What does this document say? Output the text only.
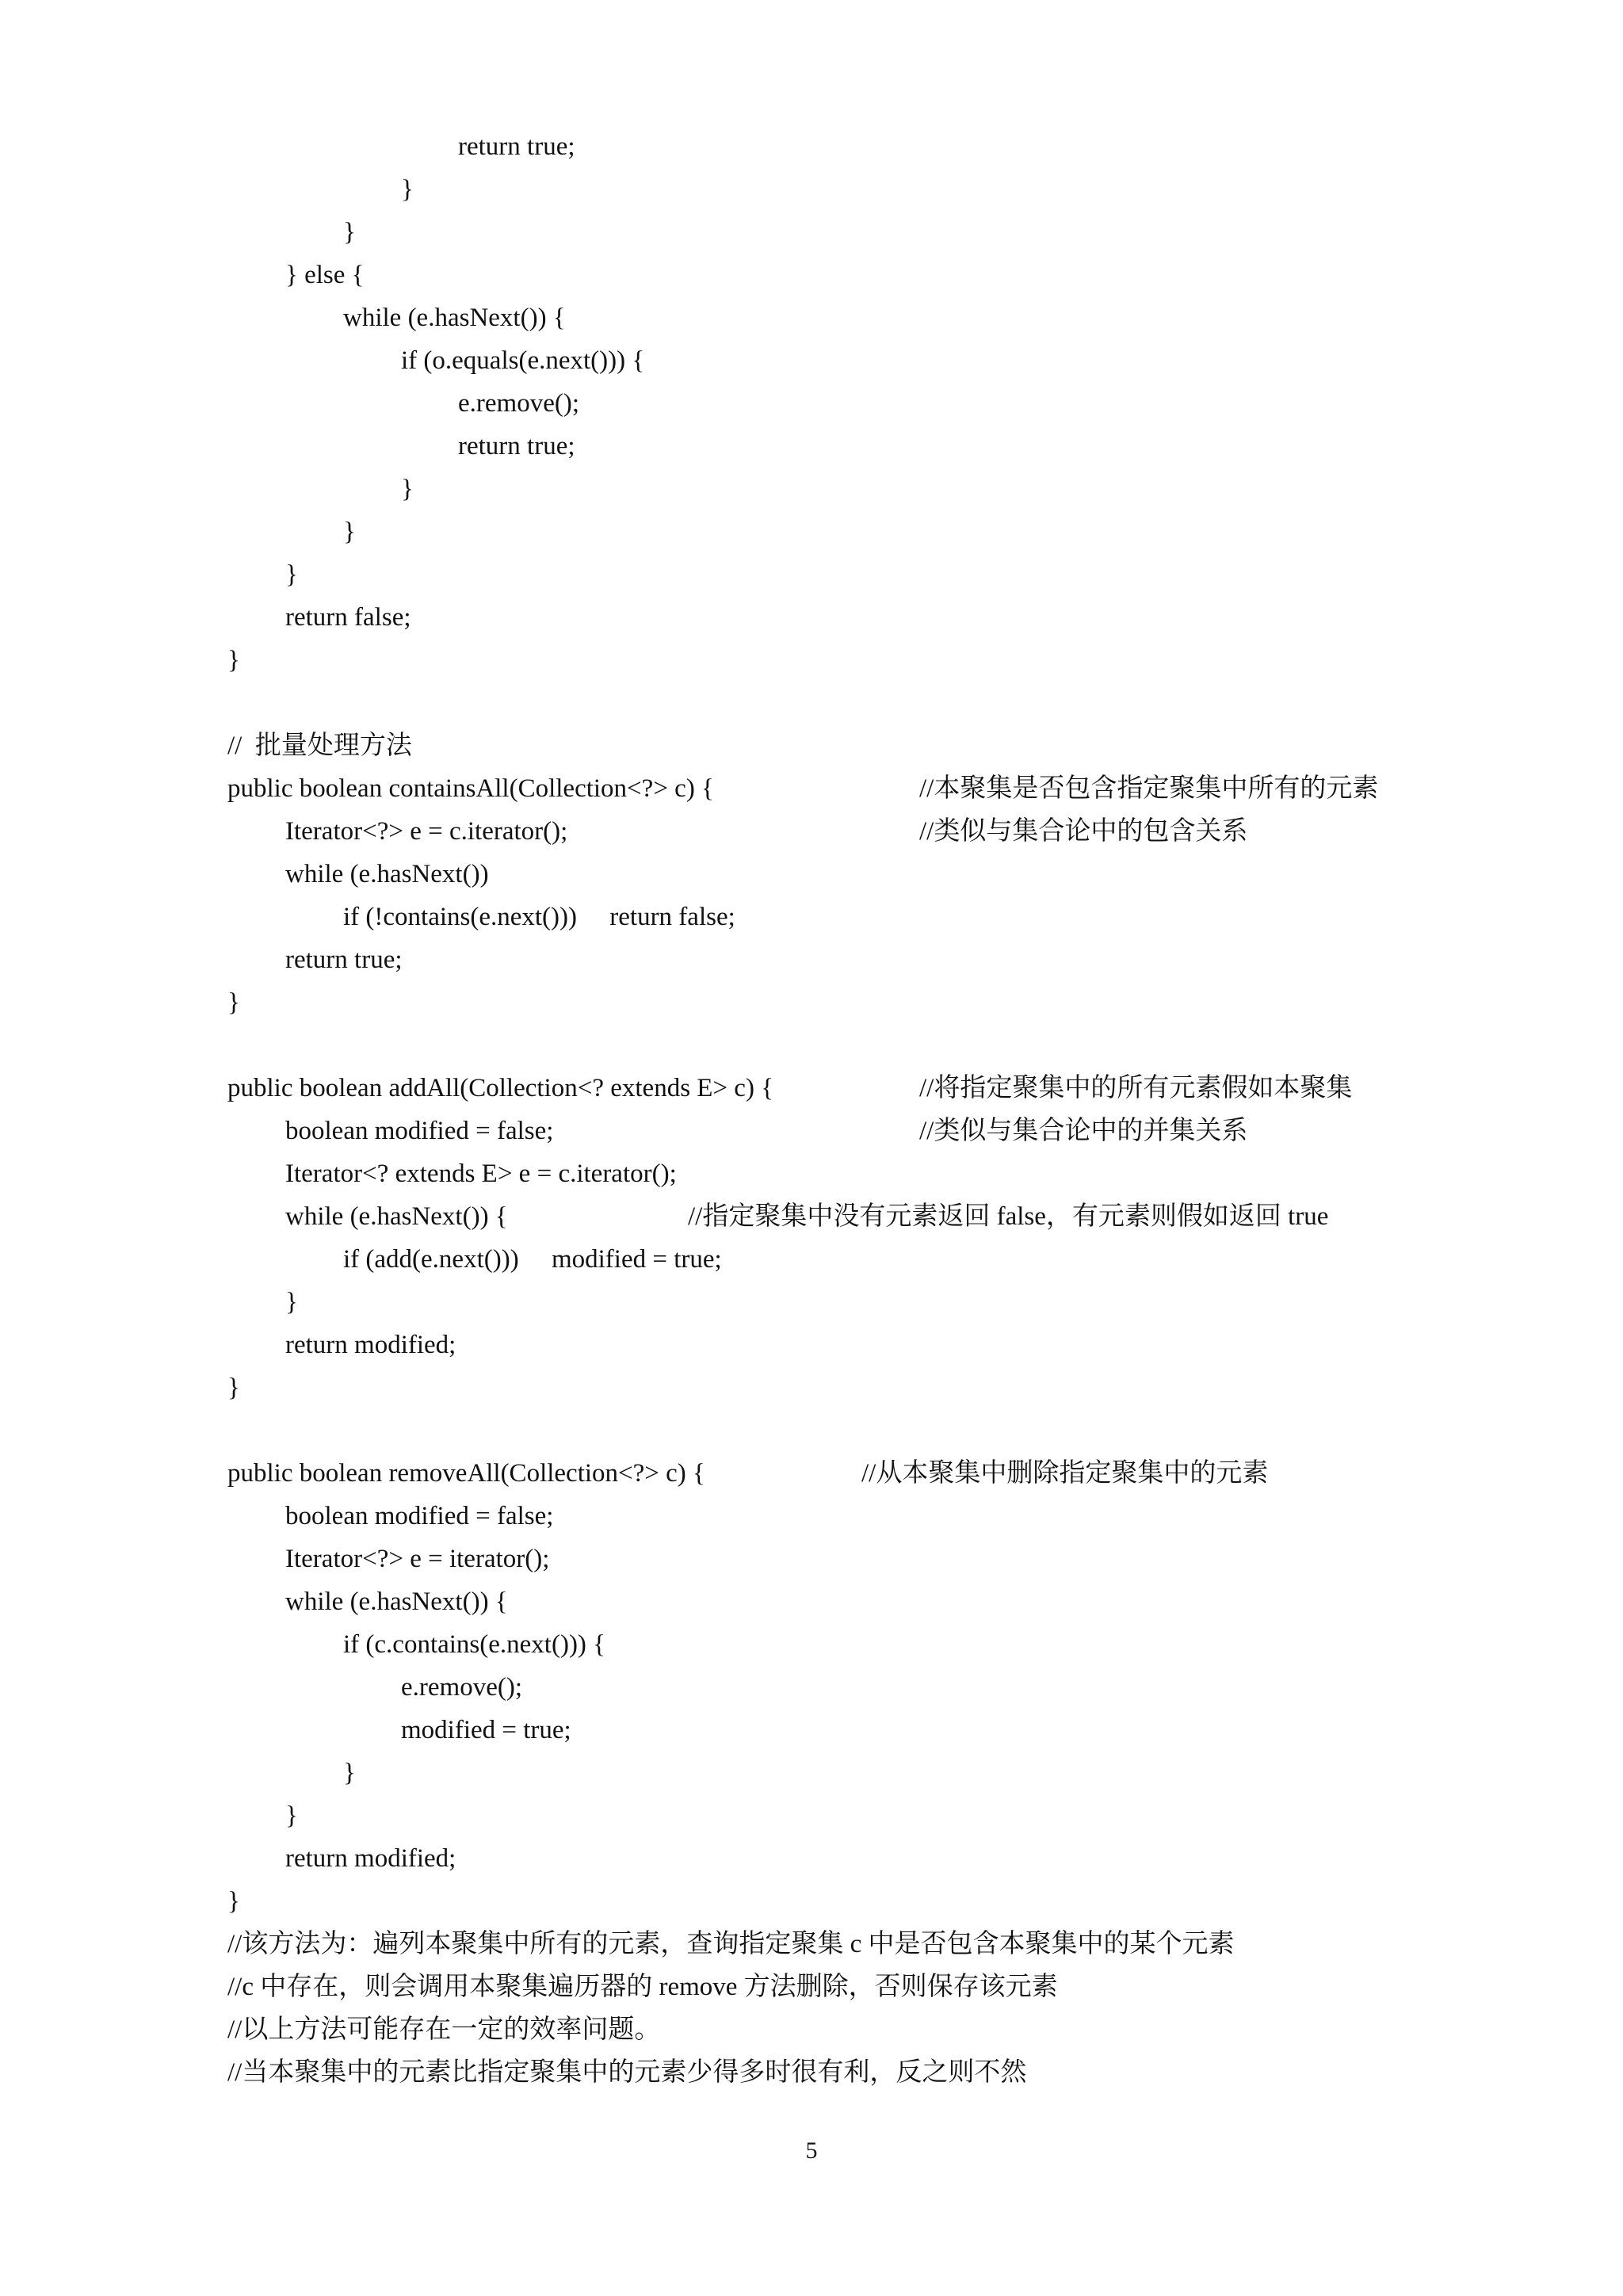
return true;
}
}
} else {
while (e.hasNext()) {
if (o.equals(e.next())) {
e.remove();
return true;
}
}
}
return false;
}
//  批量处理方法
public boolean containsAll(Collection<?> c) {	//本聚集是否包含指定聚集中所有的元素
Iterator<?> e = c.iterator();	//类似与集合论中的包含关系
while (e.hasNext())
if (!contains(e.next()))     return false;
return true;
}
public boolean addAll(Collection<? extends E> c) {	//将指定聚集中的所有元素假如本聚集
boolean modified = false;	//类似与集合论中的并集关系
Iterator<? extends E> e = c.iterator();
while (e.hasNext()) {	//指定聚集中没有元素返回 false，有元素则假如返回 true
if (add(e.next()))     modified = true;
}
return modified;
}
public boolean removeAll(Collection<?> c) {	//从本聚集中删除指定聚集中的元素
boolean modified = false;
Iterator<?> e = iterator();
while (e.hasNext()) {
if (c.contains(e.next())) {
e.remove();
modified = true;
}
}
return modified;
}
//该方法为：遍列本聚集中所有的元素，查询指定聚集 c 中是否包含本聚集中的某个元素
//c 中存在，则会调用本聚集遍历器的 remove 方法删除，否则保存该元素
//以上方法可能存在一定的效率问题。
//当本聚集中的元素比指定聚集中的元素少得多时很有利，反之则不然
5
